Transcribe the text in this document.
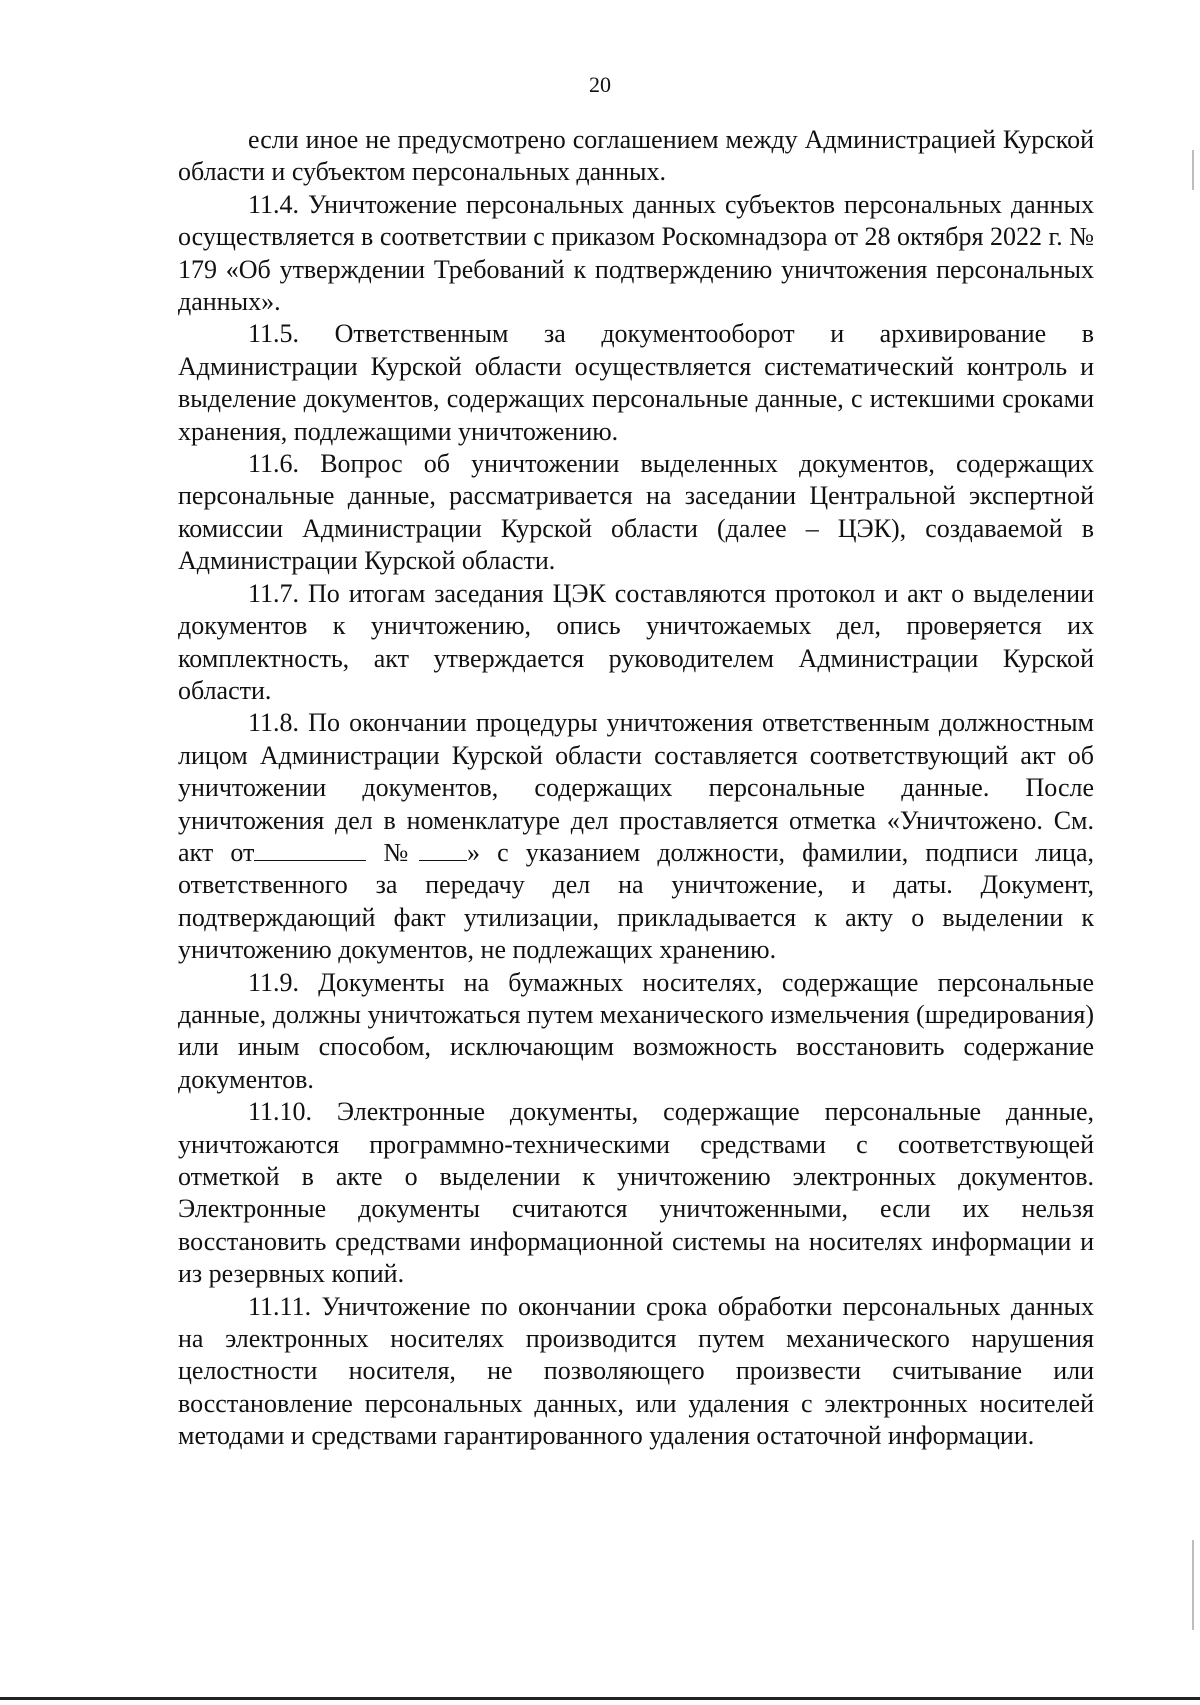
20

если иное не предусмотрено соглашением между Администрацией Курской области и субъектом персональных данных.

11.4. Уничтожение персональных данных субъектов персональных данных осуществляется в соответствии с приказом Роскомнадзора от 28 октября 2022 г. № 179 «Об утверждении Требований к подтверждению уничтожения персональных данных».

11.5. Ответственным за документооборот и архивирование в Администрации Курской области осуществляется систематический контроль и выделение документов, содержащих персональные данные, с истекшими сроками хранения, подлежащими уничтожению.

11.6. Вопрос об уничтожении выделенных документов, содержащих персональные данные, рассматривается на заседании Центральной экспертной комиссии Администрации Курской области (далее – ЦЭК), создаваемой в Администрации Курской области.

11.7. По итогам заседания ЦЭК составляются протокол и акт о выделении документов к уничтожению, опись уничтожаемых дел, проверяется их комплектность, акт утверждается руководителем Администрации Курской области.

11.8. По окончании процедуры уничтожения ответственным должностным лицом Администрации Курской области составляется соответствующий акт об уничтожении документов, содержащих персональные данные. После уничтожения дел в номенклатуре дел проставляется отметка «Уничтожено. См. акт от	№ » с указанием должности, фамилии, подписи лица, ответственного за передачу дел на уничтожение, и даты. Документ, подтверждающий факт утилизации, прикладывается к акту о выделении к уничтожению документов, не подлежащих хранению.

11.9. Документы на бумажных носителях, содержащие персональные данные, должны уничтожаться путем механического измельчения (шредирования) или иным способом, исключающим возможность восстановить содержание документов.

11.10. Электронные документы, содержащие персональные данные, уничтожаются программно-техническими средствами с соответствующей отметкой в акте о выделении к уничтожению электронных документов. Электронные документы считаются уничтоженными, если их нельзя восстановить средствами информационной системы на носителях информации и из резервных копий.

11.11. Уничтожение по окончании срока обработки персональных данных на электронных носителях производится путем механического нарушения целостности носителя, не позволяющего произвести считывание или восстановление персональных данных, или удаления с электронных носителей методами и средствами гарантированного удаления остаточной информации.
